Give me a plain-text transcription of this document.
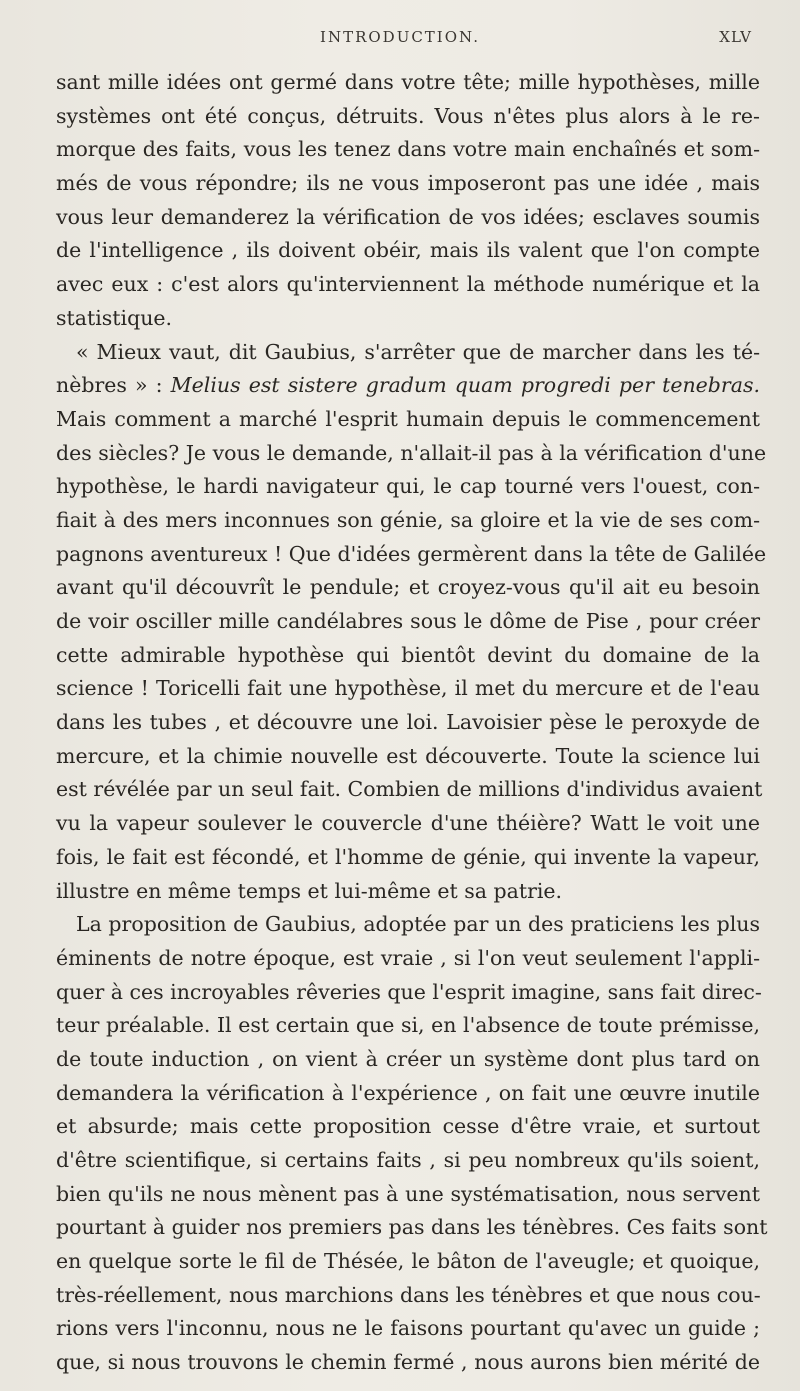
INTRODUCTION.	XLV
sant mille idées ont germé dans votre tête; mille hypothèses, mille
systèmes ont été conçus, détruits. Vous n'êtes plus alors à le re-
morque des faits, vous les tenez dans votre main enchaînés et som-
més de vous répondre; ils ne vous imposeront pas une idée , mais
vous leur demanderez la vérification de vos idées; esclaves soumis
de l'intelligence , ils doivent obéir, mais ils valent que l'on compte
avec eux : c'est alors qu'interviennent la méthode numérique et la
statistique.
« Mieux vaut, dit Gaubius, s'arrêter que de marcher dans les té-
nèbres » : Melius est sistere gradum quam progredi per tenebras.
Mais comment a marché l'esprit humain depuis le commencement
des siècles? Je vous le demande, n'allait-il pas à la vérification d'une
hypothèse, le hardi navigateur qui, le cap tourné vers l'ouest, con-
fiait à des mers inconnues son génie, sa gloire et la vie de ses com-
pagnons aventureux ! Que d'idées germèrent dans la tête de Galilée
avant qu'il découvrît le pendule; et croyez-vous qu'il ait eu besoin
de voir osciller mille candélabres sous le dôme de Pise , pour créer
cette admirable hypothèse qui bientôt devint du domaine de la
science ! Toricelli fait une hypothèse, il met du mercure et de l'eau
dans les tubes , et découvre une loi. Lavoisier pèse le peroxyde de
mercure, et la chimie nouvelle est découverte. Toute la science lui
est révélée par un seul fait. Combien de millions d'individus avaient
vu la vapeur soulever le couvercle d'une théière? Watt le voit une
fois, le fait est fécondé, et l'homme de génie, qui invente la vapeur,
illustre en même temps et lui-même et sa patrie.
La proposition de Gaubius, adoptée par un des praticiens les plus
éminents de notre époque, est vraie , si l'on veut seulement l'appli-
quer à ces incroyables rêveries que l'esprit imagine, sans fait direc-
teur préalable. Il est certain que si, en l'absence de toute prémisse,
de toute induction , on vient à créer un système dont plus tard on
demandera la vérification à l'expérience , on fait une œuvre inutile
et absurde; mais cette proposition cesse d'être vraie, et surtout
d'être scientifique, si certains faits , si peu nombreux qu'ils soient,
bien qu'ils ne nous mènent pas à une systématisation, nous servent
pourtant à guider nos premiers pas dans les ténèbres. Ces faits sont
en quelque sorte le fil de Thésée, le bâton de l'aveugle; et quoique,
très-réellement, nous marchions dans les ténèbres et que nous cou-
rions vers l'inconnu, nous ne le faisons pourtant qu'avec un guide ;
que, si nous trouvons le chemin fermé , nous aurons bien mérité de
